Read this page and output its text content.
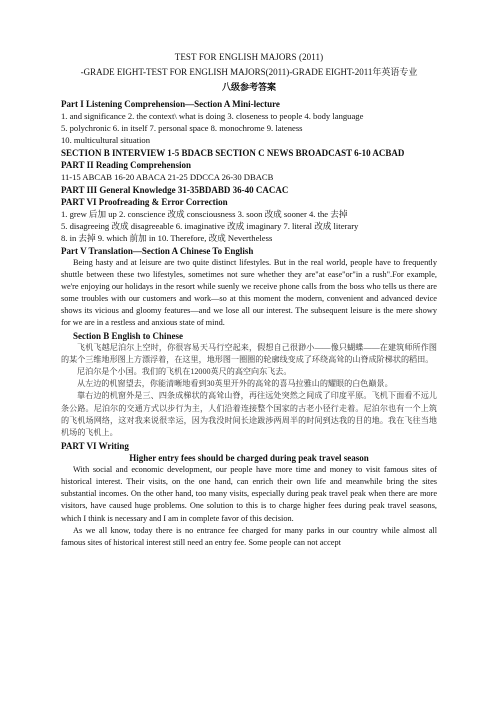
TEST FOR ENGLISH MAJORS (2011)
-GRADE EIGHT-TEST FOR ENGLISH MAJORS(2011)-GRADE EIGHT-2011年英语专业
八级参考答案
Part I Listening Comprehension—Section A Mini-lecture
1. and significance 2. the context\ what is doing 3. closeness to people 4. body language
5. polychronic 6. in itself 7. personal space 8. monochrome 9. lateness
10. multicultural situation
SECTION B INTERVIEW 1-5 BDACB SECTION C NEWS BROADCAST 6-10 ACBAD
PART II Reading Comprehension
11-15 ABCAB 16-20 ABACA 21-25 DDCCA 26-30 DBACB
PART III General Knowledge 31-35BDABD 36-40 CACAC
PART VI Proofreading & Error Correction
1. grew 后加 up 2. conscience 改成 consciousness 3. soon 改成 sooner 4. the 去掉
5. disagreeing 改成 disagreeable 6. imaginative 改成 imaginary 7. literal 改成 literary
8. in 去掉 9. which 前加 in 10. Therefore, 改成 Nevertheless
Part V Translation—Section A Chinese To English

Being hasty and at leisure are two quite distinct lifestyles. But in the real world, people have to frequently shuttle between these two lifestyles, sometimes not sure whether they are"at ease"or"in a rush".For example, we're enjoying our holidays in the resort while suenly we receive phone calls from the boss who tells us there are some troubles with our customers and work—so at this moment the modern, convenient and advanced device shows its vicious and gloomy features—and we lose all our interest. The subsequent leisure is the mere showy for we are in a restless and anxious state of mind.

Section B English to Chinese

飞机飞越尼泊尔上空时，你很容易天马行空起来，假想自己很渺小——像只蝴蝶——在建筑师所作图的某个三维地形图上方漂浮着，在这里，地形图一圈圈的轮廓线变成了环绕高耸的山脊成阶梯状的稻田。

尼泊尔是个小国。我们的飞机在12000英尺的高空向东飞去。

从左边的机窗望去，你能清晰地看到30英里开外的高耸的喜马拉雅山的耀眼的白色巅景。

靠右边的机窗外是三、四条成梯状的高耸山脊，再往远处突然之间成了印度平原。飞机下面看不远儿条公路。尼泊尔的交通方式以步行为主，人们沿着连接整个国家的古老小径行走着。尼泊尔也有一个上筑的飞机场网络，这对我来说很幸运，因为我没时间长途跋涉两周半的时间到达我的目的地。我在飞往当地机场的飞机上。

PART VI Writing
Higher entry fees should be charged during peak travel season

With social and economic development, our people have more time and money to visit famous sites of historical interest. Their visits, on the one hand, can enrich their own life and meanwhile bring the sites substantial incomes. On the other hand, too many visits, especially during peak travel peak when there are more visitors, have caused huge problems. One solution to this is to charge higher fees during peak travel seasons, which I think is necessary and I am in complete favor of this decision.

As we all know, today there is no entrance fee charged for many parks in our country while almost all famous sites of historical interest still need an entry fee. Some people can not accept
